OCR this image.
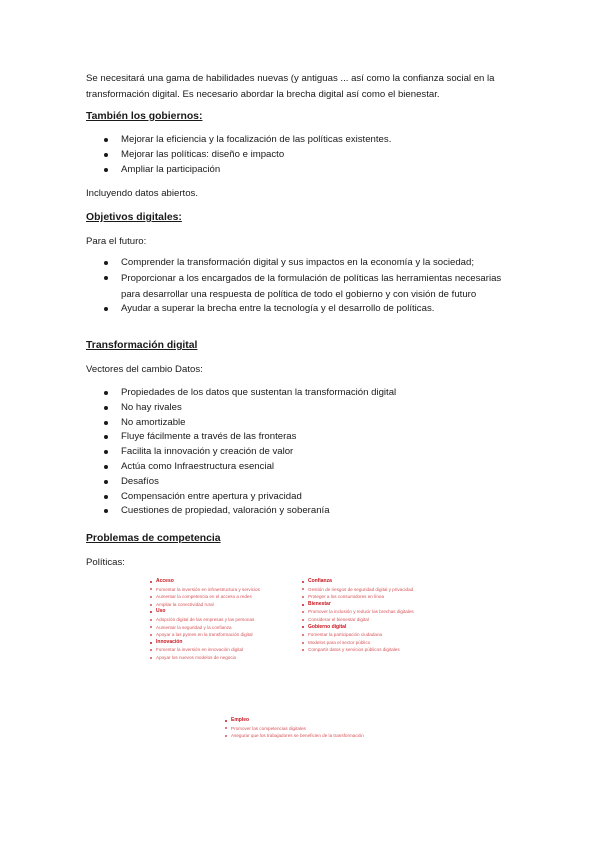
Se necesitará una gama de habilidades nuevas (y antiguas ... así como la confianza social en la transformación digital. Es necesario abordar la brecha digital así como el bienestar.
También los gobiernos:
Mejorar la eficiencia y la focalización de las políticas existentes.
Mejorar las políticas: diseño e impacto
Ampliar la participación
Incluyendo datos abiertos.
Objetivos digitales:
Para el futuro:
Comprender la transformación digital y sus impactos en la economía y la sociedad;
Proporcionar a los encargados de la formulación de políticas las herramientas necesarias para desarrollar una respuesta de política de todo el gobierno y con visión de futuro
Ayudar a superar la brecha entre la tecnología y el desarrollo de políticas.
Transformación digital
Vectores del cambio Datos:
Propiedades de los datos que sustentan la transformación digital
No hay rivales
No amortizable
Fluye fácilmente a través de las fronteras
Facilita la innovación y creación de valor
Actúa como Infraestructura esencial
Desafíos
Compensación entre apertura y privacidad
Cuestiones de propiedad, valoración y soberanía
Problemas de competencia
Políticas:
Acceso
Fomentar la inversión en infraestructura y servicios
Aumentar la competencia en el acceso a redes
Ampliar la conectividad rural
Uso
Adopción digital de las empresas y las personas
Aumentar la seguridad y la confianza
Apoyar a las pymes en la transformación digital
Innovación
Fomentar la inversión en innovación digital
Apoyar los nuevos modelos de negocio
Confianza
Gestión de riesgos de seguridad digital y privacidad
Proteger a los consumidores en línea
Bienestar
Promover la inclusión y reducir las brechas digitales
Considerar el bienestar digital
Gobierno digital
Fomentar la participación ciudadana
Modelos para el sector público
Compartir datos y servicios públicos digitales
Empleo
Promover las competencias digitales
Asegurar que los trabajadores se beneficien de la transformación
